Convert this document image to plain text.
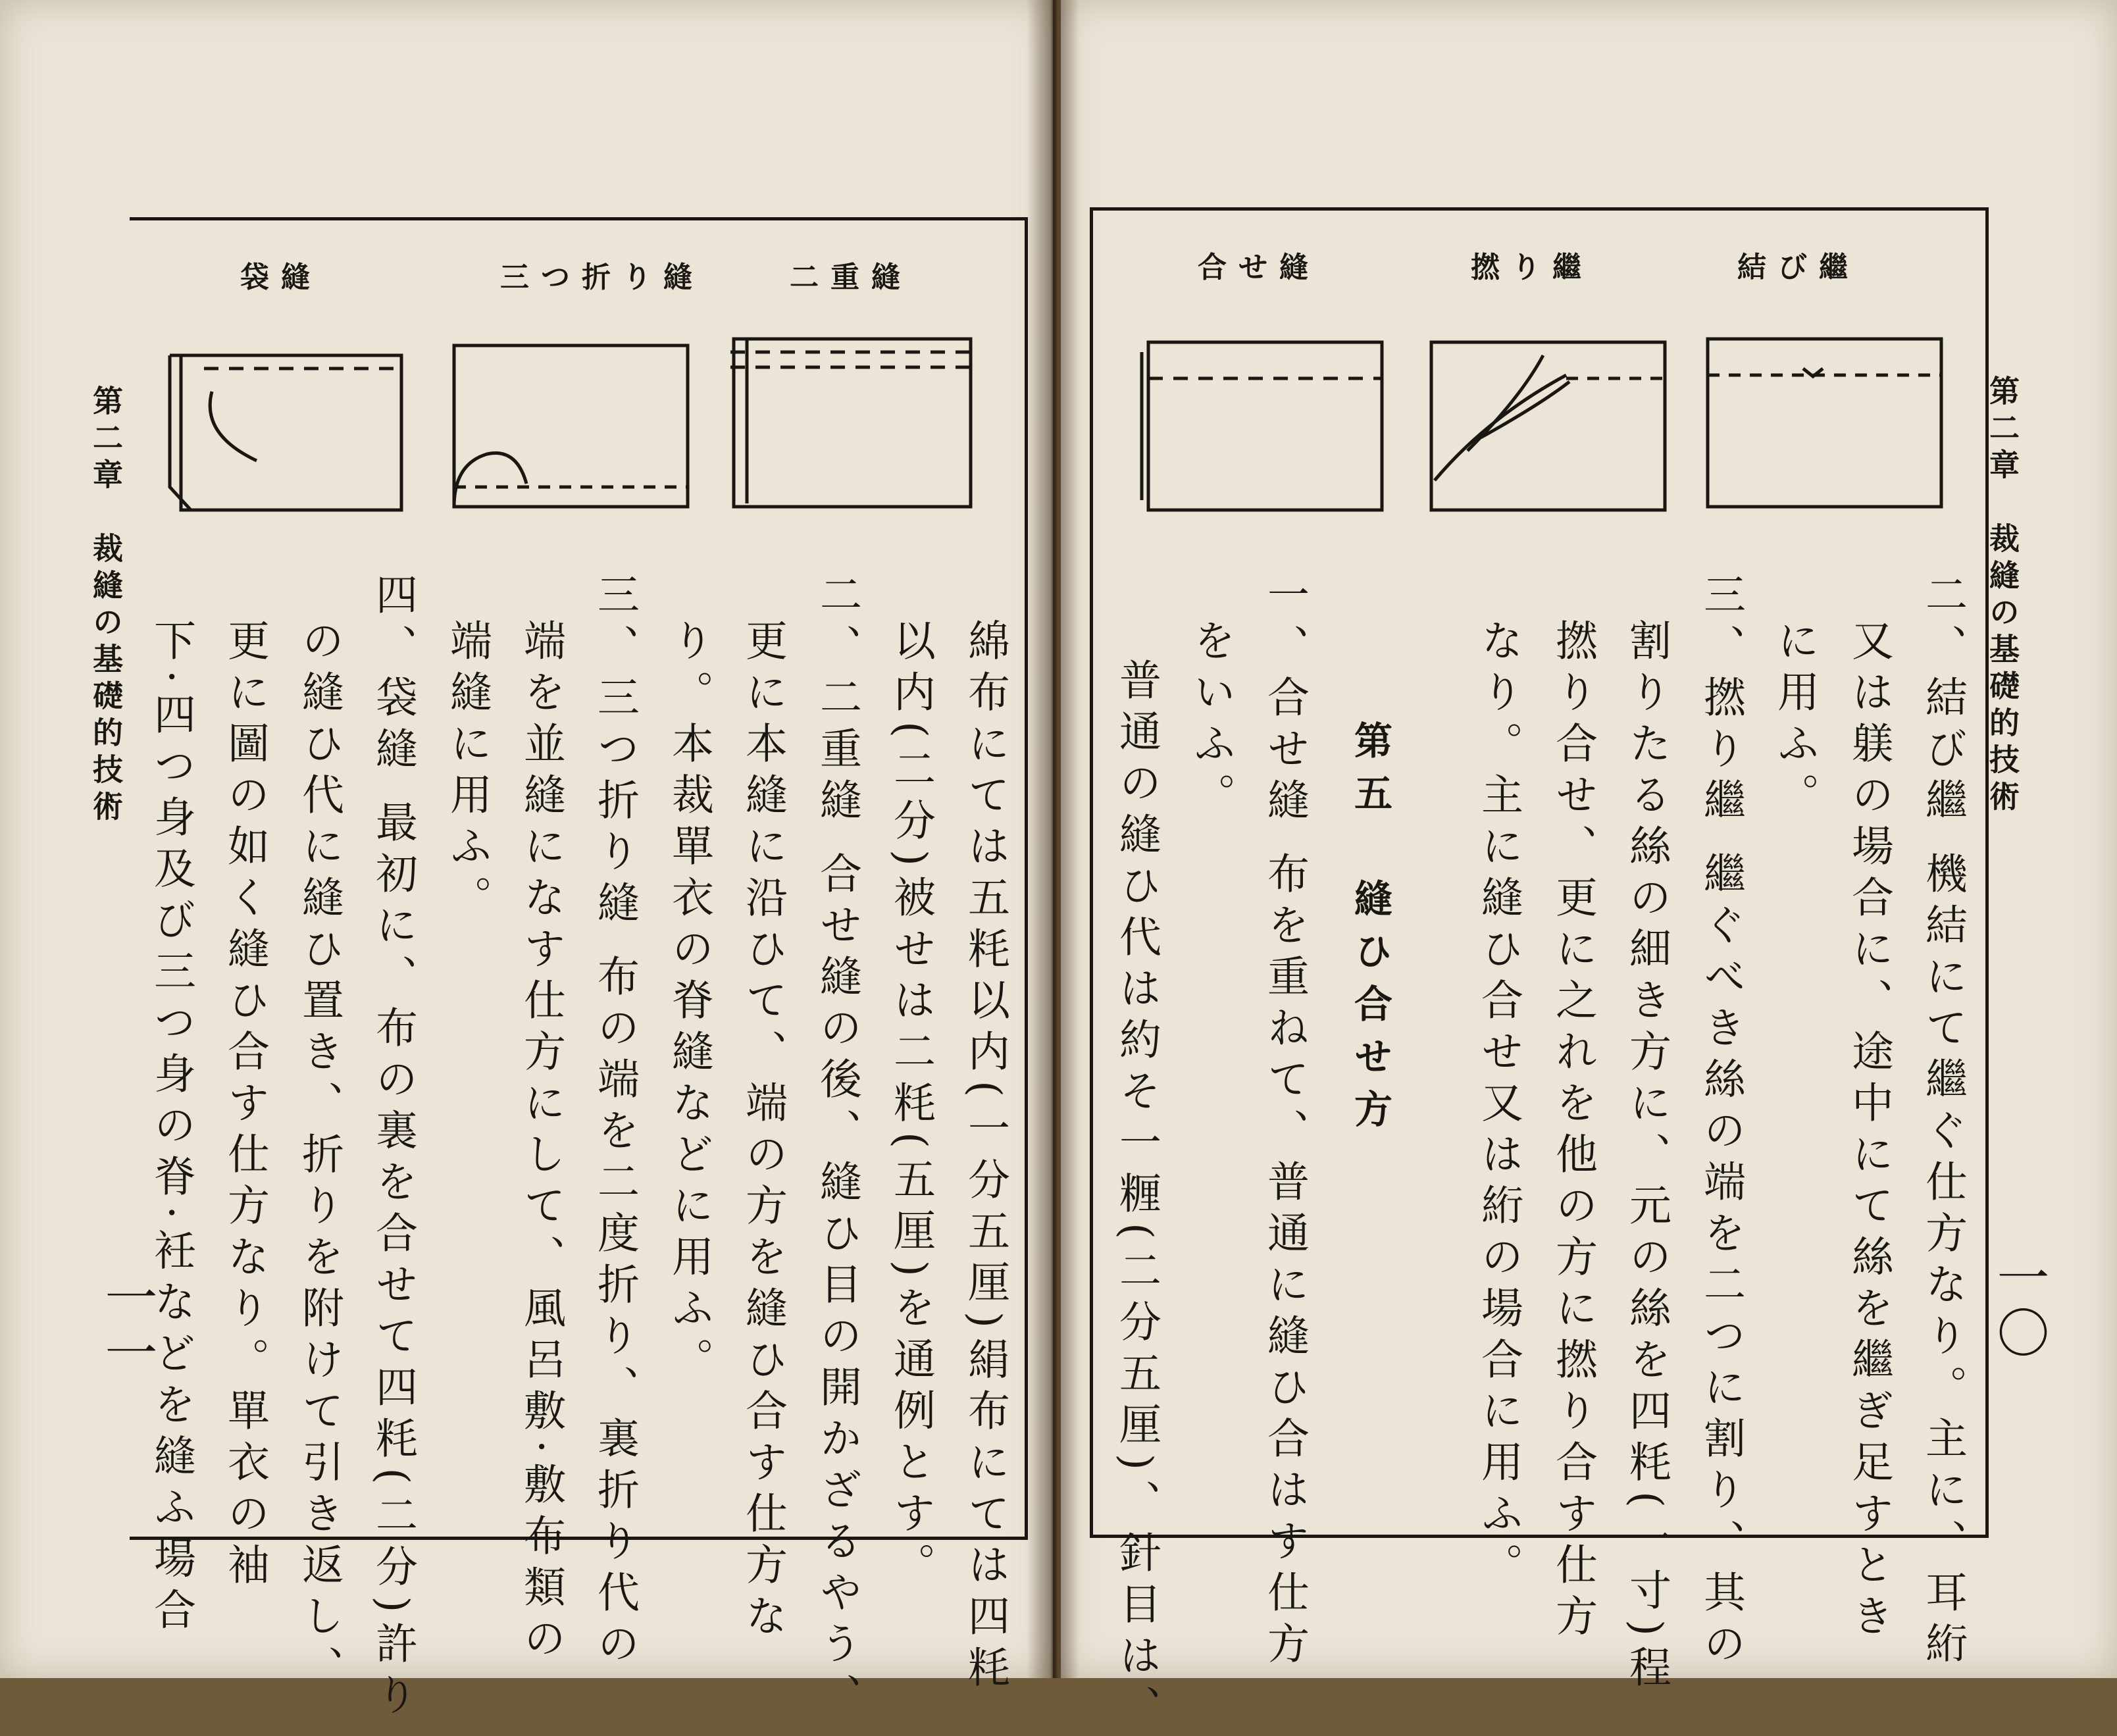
第二章　裁縫の基礎的技術
一一
二重縫
三つ折り縫
袋縫
綿布にては五粍以内(一分五厘)絹布にては四粍
以内(二分)被せは二粍(五厘)を通例とす。
二、二重縫 合せ縫の後、縫ひ目の開かざるやう、
更に本縫に沿ひて、端の方を縫ひ合す仕方な
り。本裁單衣の脊縫などに用ふ。
三、三つ折り縫 布の端を二度折り、裏折り代の
端を並縫になす仕方にして、風呂敷·敷布類の
端縫に用ふ。
四、袋縫 最初に、布の裏を合せて四粍(二分)許り
の縫ひ代に縫ひ置き、折りを附けて引き返し、
更に圖の如く縫ひ合す仕方なり。單衣の袖
下·四つ身及び三つ身の脊·衽などを縫ふ場合
第二章　裁縫の基礎的技術
一〇
結び繼
撚り繼
合せ縫
二、結び繼 機結にて繼ぐ仕方なり。主に、耳絎
又は躾の場合に、途中にて絲を繼ぎ足すとき
に用ふ。
三、撚り繼 繼ぐべき絲の端を二つに割り、其の
割りたる絲の細き方に、元の絲を四粍(一寸)程
撚り合せ、更に之れを他の方に撚り合す仕方
なり。主に縫ひ合せ又は絎の場合に用ふ。
第五　縫ひ合せ方
一、合せ縫 布を重ねて、普通に縫ひ合はす仕方
をいふ。
普通の縫ひ代は約そ一糎(二分五厘)、針目は、
